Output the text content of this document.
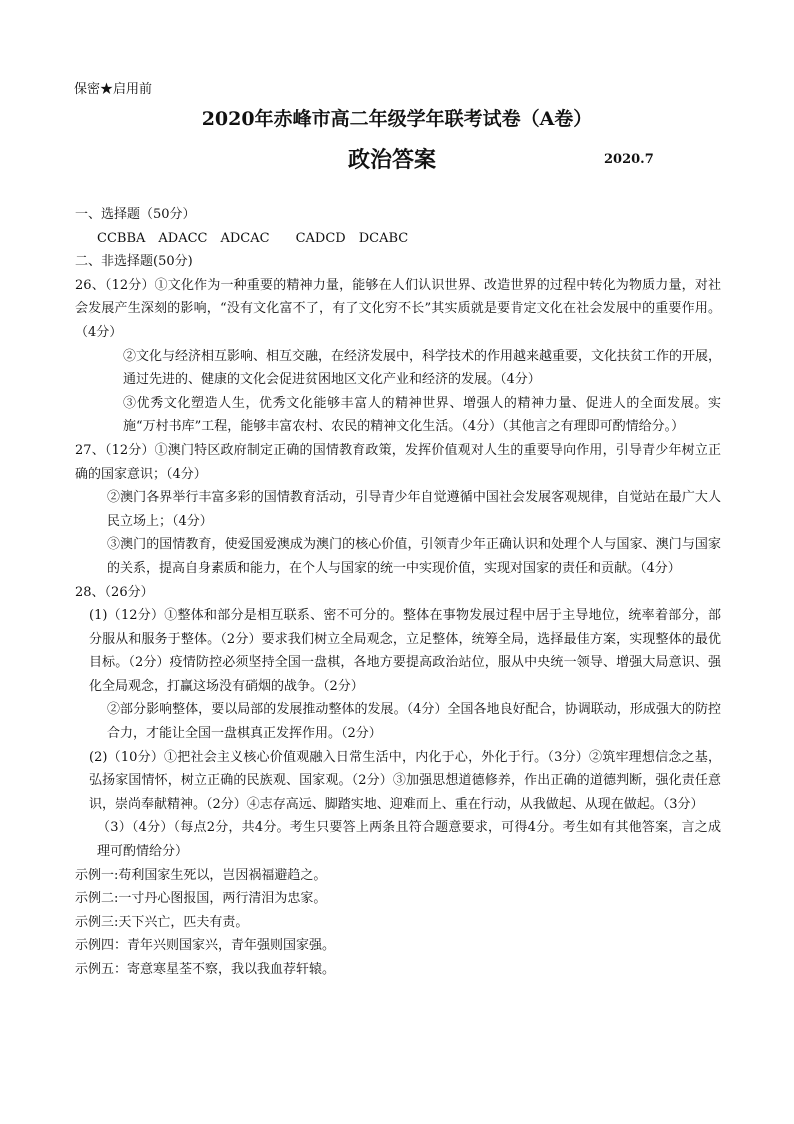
保密★启用前
2020年赤峰市高二年级学年联考试卷（A卷）
政治答案	2020.7

一、选择题（50分）

CCBBA　ADACC　ADCAC　　CADCD　DCABC

二、非选择题(50分)

26、（12分）①文化作为一种重要的精神力量，能够在人们认识世界、改造世界的过程中转化为物质力量，对社会发展产生深刻的影响，“没有文化富不了，有了文化穷不长”其实质就是要肯定文化在社会发展中的重要作用。（4分）

②文化与经济相互影响、相互交融，在经济发展中，科学技术的作用越来越重要，文化扶贫工作的开展，通过先进的、健康的文化会促进贫困地区文化产业和经济的发展。（4分）

③优秀文化塑造人生，优秀文化能够丰富人的精神世界、增强人的精神力量、促进人的全面发展。实施“万村书库”工程，能够丰富农村、农民的精神文化生活。（4分）（其他言之有理即可酌情给分。）

27、（12分）①澳门特区政府制定正确的国情教育政策，发挥价值观对人生的重要导向作用，引导青少年树立正确的国家意识；（4分）

②澳门各界举行丰富多彩的国情教育活动，引导青少年自觉遵循中国社会发展客观规律，自觉站在最广大人民立场上；（4分）

③澳门的国情教育，使爱国爱澳成为澳门的核心价值，引领青少年正确认识和处理个人与国家、澳门与国家的关系，提高自身素质和能力，在个人与国家的统一中实现价值，实现对国家的责任和贡献。（4分）

28、（26分）

(1)（12分）①整体和部分是相互联系、密不可分的。整体在事物发展过程中居于主导地位，统率着部分，部分服从和服务于整体。（2分）要求我们树立全局观念，立足整体，统筹全局，选择最佳方案，实现整体的最优目标。（2分）疫情防控必须坚持全国一盘棋，各地方要提高政治站位，服从中央统一领导、增强大局意识、强化全局观念，打赢这场没有硝烟的战争。（2分）

②部分影响整体，要以局部的发展推动整体的发展。（4分）全国各地良好配合，协调联动，形成强大的防控合力，才能让全国一盘棋真正发挥作用。（2分）

(2)（10分）①把社会主义核心价值观融入日常生活中，内化于心，外化于行。（3分）②筑牢理想信念之基，弘扬家国情怀，树立正确的民族观、国家观。（2分）③加强思想道德修养，作出正确的道德判断，强化责任意识，崇尚奉献精神。（2分）④志存高远、脚踏实地、迎难而上、重在行动，从我做起、从现在做起。（3分）

（3）（4分）（每点2分，共4分。考生只要答上两条且符合题意要求，可得4分。考生如有其他答案，言之成理可酌情给分）

示例一:苟利国家生死以，岂因祸福避趋之。

示例二:一寸丹心图报国，两行清泪为忠家。

示例三:天下兴亡，匹夫有责。

示例四：青年兴则国家兴，青年强则国家强。

示例五：寄意寒星荃不察，我以我血荐轩辕。
